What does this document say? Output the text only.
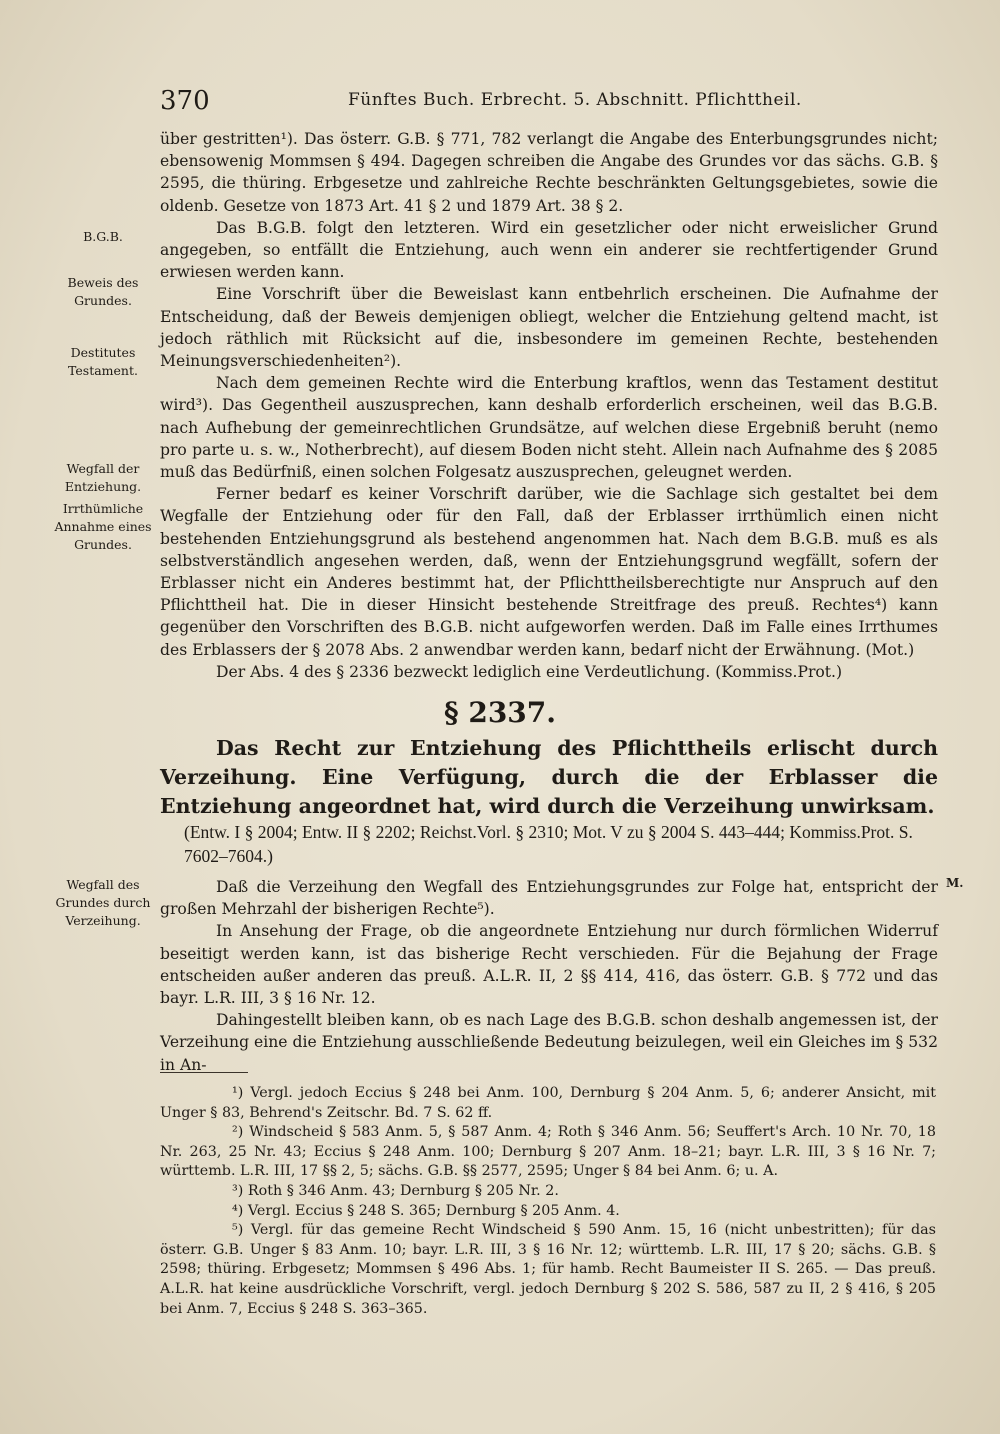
370	Fünftes Buch. Erbrecht. 5. Abschnitt. Pflichttheil.
B.G.B.
Beweis des Grundes.
Destitutes Testament.
Wegfall der Entziehung.
Irrthümliche Annahme eines Grundes.
Wegfall des Grundes durch Verzeihung.

über gestritten¹). Das österr. G.B. § 771, 782 verlangt die Angabe des Enterbungsgrundes nicht; ebensowenig Mommsen § 494. Dagegen schreiben die Angabe des Grundes vor das sächs. G.B. § 2595, die thüring. Erbgesetze und zahlreiche Rechte beschränkten Geltungsgebietes, sowie die oldenb. Gesetze von 1873 Art. 41 § 2 und 1879 Art. 38 § 2.

Das B.G.B. folgt den letzteren. Wird ein gesetzlicher oder nicht erweislicher Grund angegeben, so entfällt die Entziehung, auch wenn ein anderer sie rechtfertigender Grund erwiesen werden kann.

Eine Vorschrift über die Beweislast kann entbehrlich erscheinen. Die Aufnahme der Entscheidung, daß der Beweis demjenigen obliegt, welcher die Entziehung geltend macht, ist jedoch räthlich mit Rücksicht auf die, insbesondere im gemeinen Rechte, bestehenden Meinungsverschiedenheiten²).

Nach dem gemeinen Rechte wird die Enterbung kraftlos, wenn das Testament destitut wird³). Das Gegentheil auszusprechen, kann deshalb erforderlich erscheinen, weil das B.G.B. nach Aufhebung der gemeinrechtlichen Grundsätze, auf welchen diese Ergebniß beruht (nemo pro parte u. s. w., Notherbrecht), auf diesem Boden nicht steht. Allein nach Aufnahme des § 2085 muß das Bedürfniß, einen solchen Folgesatz auszusprechen, geleugnet werden.

Ferner bedarf es keiner Vorschrift darüber, wie die Sachlage sich gestaltet bei dem Wegfalle der Entziehung oder für den Fall, daß der Erblasser irrthümlich einen nicht bestehenden Entziehungsgrund als bestehend angenommen hat. Nach dem B.G.B. muß es als selbstverständlich angesehen werden, daß, wenn der Entziehungsgrund wegfällt, sofern der Erblasser nicht ein Anderes bestimmt hat, der Pflichttheilsberechtigte nur Anspruch auf den Pflichttheil hat. Die in dieser Hinsicht bestehende Streitfrage des preuß. Rechtes⁴) kann gegenüber den Vorschriften des B.G.B. nicht aufgeworfen werden. Daß im Falle eines Irrthumes des Erblassers der § 2078 Abs. 2 anwendbar werden kann, bedarf nicht der Erwähnung. (Mot.)

Der Abs. 4 des § 2336 bezweckt lediglich eine Verdeutlichung. (Kommiss.Prot.)

§ 2337.
Das Recht zur Entziehung des Pflichttheils erlischt durch Verzeihung. Eine Verfügung, durch die der Erblasser die Entziehung angeordnet hat, wird durch die Verzeihung unwirksam.
(Entw. I § 2004; Entw. II § 2202; Reichst.Vorl. § 2310; Mot. V zu § 2004 S. 443–444; Kommiss.Prot. S. 7602–7604.)
M.

Daß die Verzeihung den Wegfall des Entziehungsgrundes zur Folge hat, entspricht der großen Mehrzahl der bisherigen Rechte⁵).

In Ansehung der Frage, ob die angeordnete Entziehung nur durch förmlichen Widerruf beseitigt werden kann, ist das bisherige Recht verschieden. Für die Bejahung der Frage entscheiden außer anderen das preuß. A.L.R. II, 2 §§ 414, 416, das österr. G.B. § 772 und das bayr. L.R. III, 3 § 16 Nr. 12.

Dahingestellt bleiben kann, ob es nach Lage des B.G.B. schon deshalb angemessen ist, der Verzeihung eine die Entziehung ausschließende Bedeutung beizulegen, weil ein Gleiches im § 532 in An-

¹) Vergl. jedoch Eccius § 248 bei Anm. 100, Dernburg § 204 Anm. 5, 6; anderer Ansicht, mit Unger § 83, Behrend's Zeitschr. Bd. 7 S. 62 ff.

²) Windscheid § 583 Anm. 5, § 587 Anm. 4; Roth § 346 Anm. 56; Seuffert's Arch. 10 Nr. 70, 18 Nr. 263, 25 Nr. 43; Eccius § 248 Anm. 100; Dernburg § 207 Anm. 18–21; bayr. L.R. III, 3 § 16 Nr. 7; württemb. L.R. III, 17 §§ 2, 5; sächs. G.B. §§ 2577, 2595; Unger § 84 bei Anm. 6; u. A.

³) Roth § 346 Anm. 43; Dernburg § 205 Nr. 2.

⁴) Vergl. Eccius § 248 S. 365; Dernburg § 205 Anm. 4.

⁵) Vergl. für das gemeine Recht Windscheid § 590 Anm. 15, 16 (nicht unbestritten); für das österr. G.B. Unger § 83 Anm. 10; bayr. L.R. III, 3 § 16 Nr. 12; württemb. L.R. III, 17 § 20; sächs. G.B. § 2598; thüring. Erbgesetz; Mommsen § 496 Abs. 1; für hamb. Recht Baumeister II S. 265. — Das preuß. A.L.R. hat keine ausdrückliche Vorschrift, vergl. jedoch Dernburg § 202 S. 586, 587 zu II, 2 § 416, § 205 bei Anm. 7, Eccius § 248 S. 363–365.
